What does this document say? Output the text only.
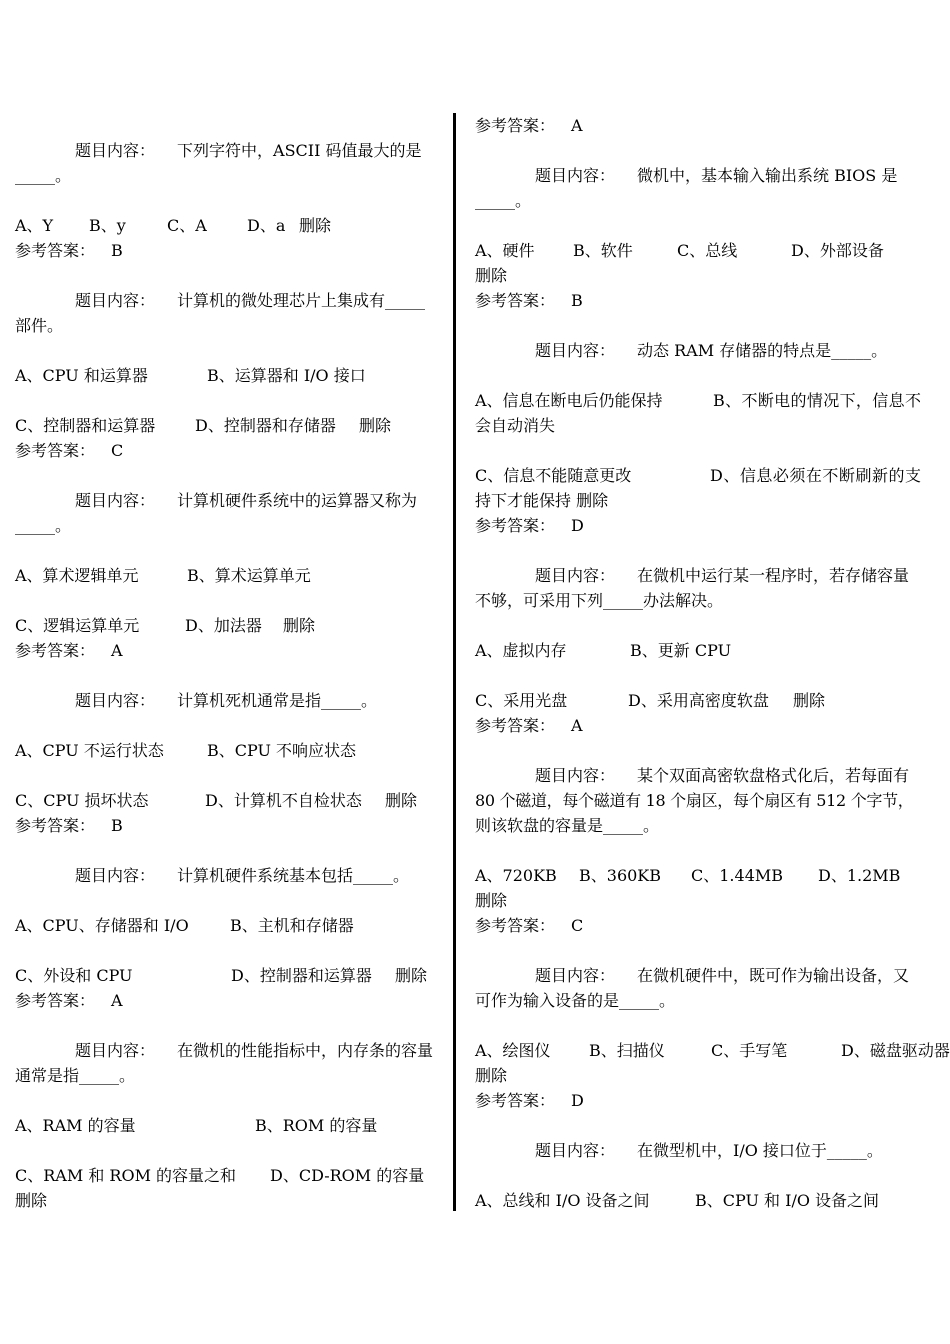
题目内容： 下列字符中，ASCII 码值最大的是
_____。
A、Y B、y	C、A	D、a 删除
参考答案： B
题目内容： 计算机的微处理芯片上集成有_____
部件。
A、CPU 和运算器	B、运算器和 I/O 接口
C、控制器和运算器 D、控制器和存储器 删除
参考答案： C
题目内容： 计算机硬件系统中的运算器又称为
_____。
A、算术逻辑单元	B、算术运算单元
C、逻辑运算单元	D、加法器 删除
参考答案： A
题目内容： 计算机死机通常是指_____。
A、CPU 不运行状态	B、CPU 不响应状态
C、CPU 损坏状态	D、计算机不自检状态 删除
参考答案： B
题目内容： 计算机硬件系统基本包括_____。
A、CPU、存储器和 I/O	B、主机和存储器
C、外设和 CPU	D、控制器和运算器 删除
参考答案： A
题目内容： 在微机的性能指标中，内存条的容量
通常是指_____。
A、RAM 的容量	B、ROM 的容量
C、RAM 和 ROM 的容量之和 D、CD-ROM 的容量
删除
参考答案： A
题目内容： 微机中，基本输入输出系统 BIOS 是
_____。
A、硬件 B、软件	C、总线	D、外部设备
删除
参考答案： B
题目内容： 动态 RAM 存储器的特点是_____。
A、信息在断电后仍能保持	B、不断电的情况下，信息不会自动消失
C、信息不能随意更改	D、信息必须在不断刷新的支持下才能保持 删除
参考答案： D
题目内容： 在微机中运行某一程序时，若存储容量
不够，可采用下列_____办法解决。
A、虚拟内存	B、更新 CPU
C、采用光盘	D、采用高密度软盘 删除
参考答案： A
题目内容： 某个双面高密软盘格式化后，若每面有
80 个磁道，每个磁道有 18 个扇区，每个扇区有 512 个字节，
则该软盘的容量是_____。
A、720KB B、360KB C、1.44MB D、1.2MB
删除
参考答案： C
题目内容： 在微机硬件中，既可作为输出设备，又
可作为输入设备的是_____。
A、绘图仪 B、扫描仪	C、手写笔	D、磁盘驱动器
删除
参考答案： D
题目内容： 在微型机中，I/O 接口位于_____。
A、总线和 I/O 设备之间	B、CPU 和 I/O 设备之间
